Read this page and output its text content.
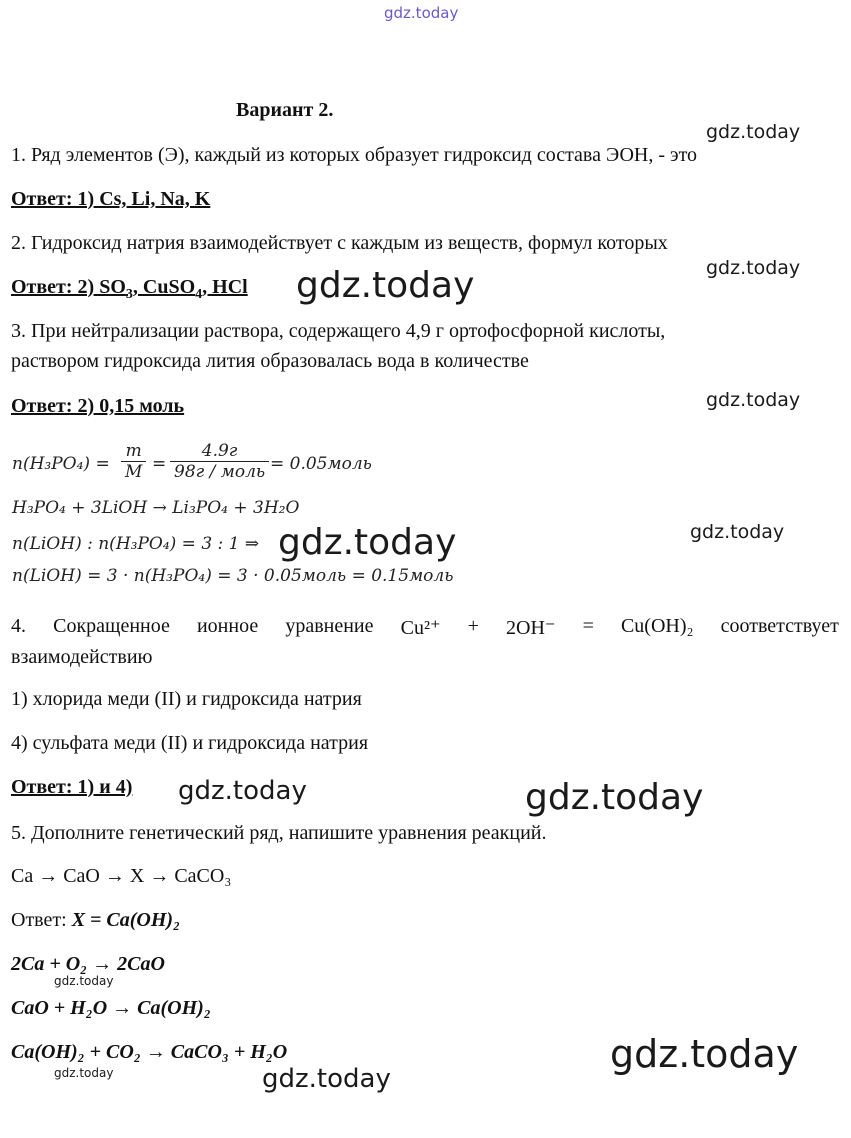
gdz.today
Вариант 2.
gdz.today
1. Ряд элементов (Э), каждый из которых образует гидроксид состава ЭОН, - это
Ответ: 1) Cs, Li, Na, K
2. Гидроксид натрия взаимодействует с каждым из веществ, формул которых
gdz.today
Ответ: 2) $SO_3$, CuSO$_4$, HCl gdz.today
3. При нейтрализации раствора, содержащего 4,9 г ортофосфорной кислоты,
раствором гидроксида лития образовалась вода в количестве
Ответ: 2) 0,15 моль	gdz.today
$n(H_3PO_4) = \frac{m}{M}$ =
4.9г
98г / моль = 0.05моль
H₃PO₄ + 3LiOH → Li₃PO₄ + 3H₂O
gdz.today
n(LiOH) : n(H₃PO₄) = 3 : 1 ⇒ gdz.today
n(LiOH) = 3 · n(H₃PO₄) = 3 · 0.05моль = 0.15моль
4. Сокращенное ионное уравнение Cu²⁺ + 2OH⁻ = Cu(OH)₂ соответствует
взаимодействию
1) хлорида меди (II) и гидроксида натрия
4) сульфата меди (II) и гидроксида натрия
Ответ: 1) и 4) gdz.today	gdz.today
5. Дополните генетический ряд, напишите уравнения реакций.
Ca → CaO → X → CaCO₃
Ответ: X = Ca(OH)₂
2Ca + O₂ → 2CaO
gdz.today
CaO + H₂O → Ca(OH)₂
Ca(OH)₂ + CO₂ → CaCO₃ + H₂O
gdz.today	gdz.today
gdz.today
